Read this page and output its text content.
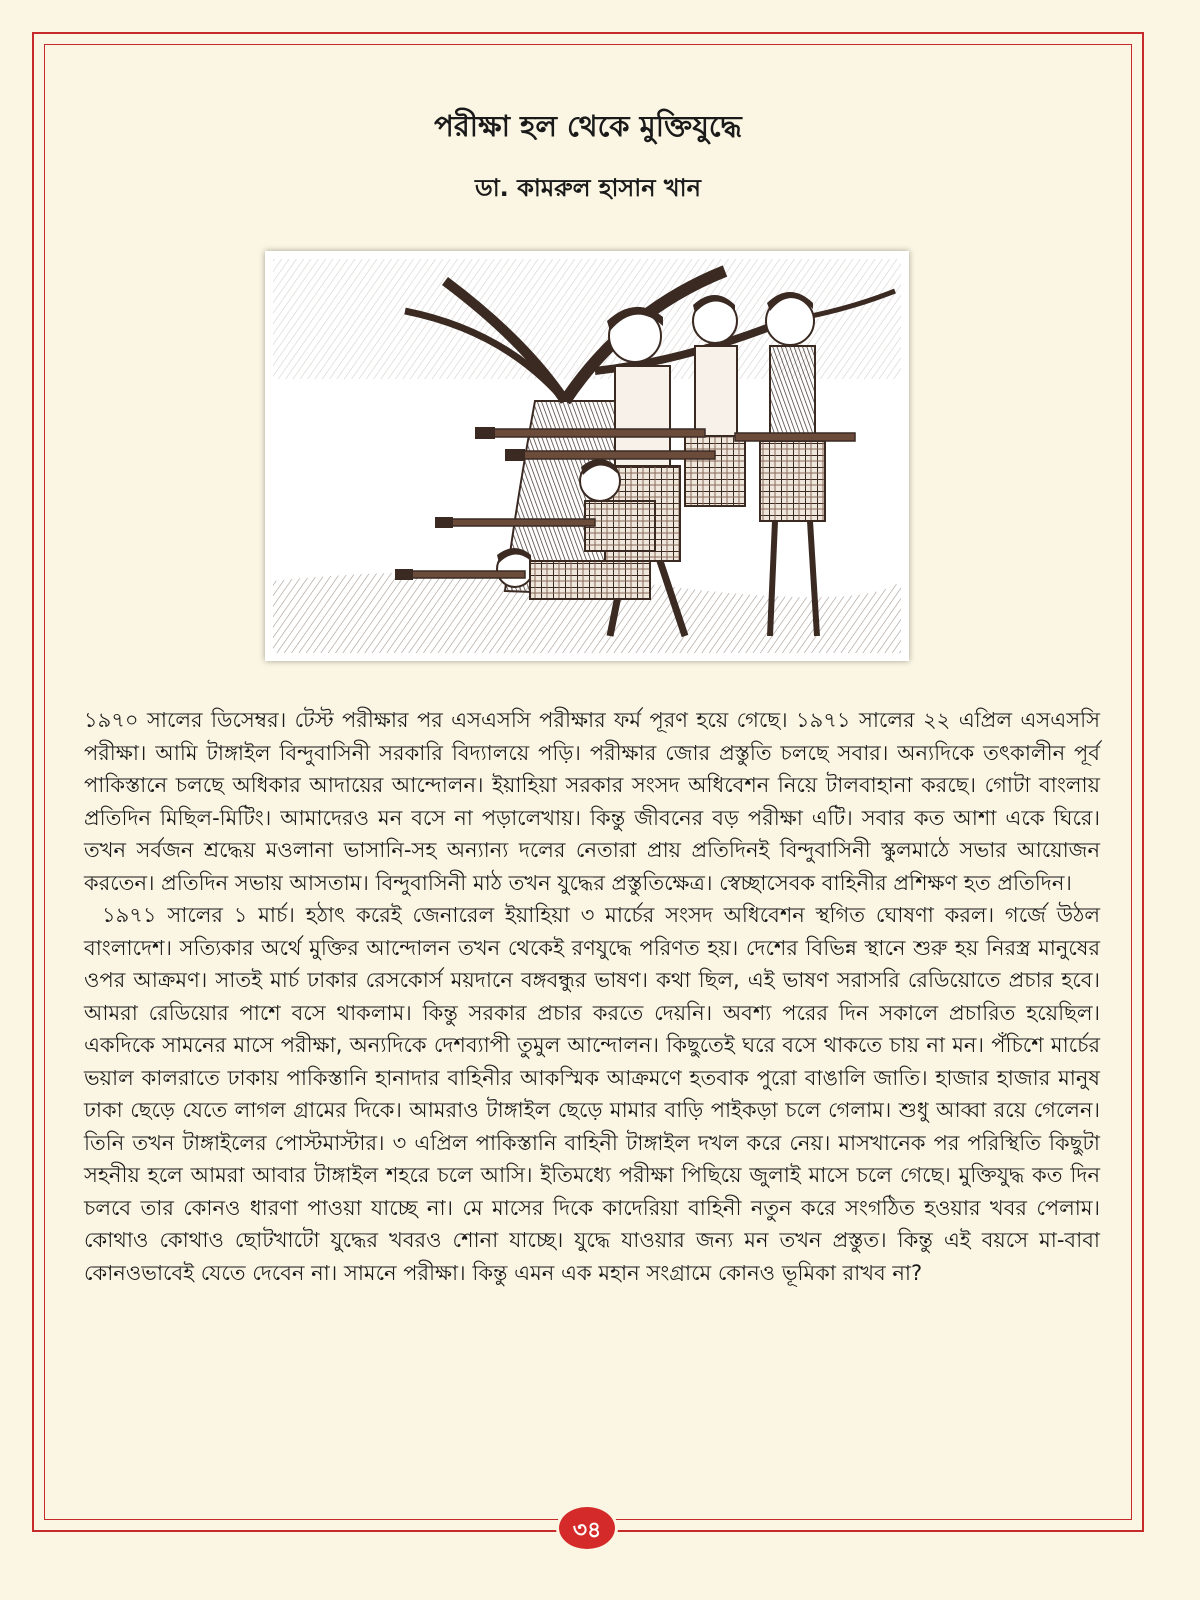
পরীক্ষা হল থেকে মুক্তিযুদ্ধে
ডা. কামরুল হাসান খান

১৯৭০ সালের ডিসেম্বর। টেস্ট পরীক্ষার পর এসএসসি পরীক্ষার ফর্ম পূরণ হয়ে গেছে। ১৯৭১ সালের ২২ এপ্রিল এসএসসি পরীক্ষা। আমি টাঙ্গাইল বিন্দুবাসিনী সরকারি বিদ্যালয়ে পড়ি। পরীক্ষার জোর প্রস্তুতি চলছে সবার। অন্যদিকে তৎকালীন পূর্ব পাকিস্তানে চলছে অধিকার আদায়ের আন্দোলন। ইয়াহিয়া সরকার সংসদ অধিবেশন নিয়ে টালবাহানা করছে। গোটা বাংলায় প্রতিদিন মিছিল-মিটিং। আমাদেরও মন বসে না পড়ালেখায়। কিন্তু জীবনের বড় পরীক্ষা এটি। সবার কত আশা একে ঘিরে। তখন সর্বজন শ্রদ্ধেয় মওলানা ভাসানি-সহ অন্যান্য দলের নেতারা প্রায় প্রতিদিনই বিন্দুবাসিনী স্কুলমাঠে সভার আয়োজন করতেন। প্রতিদিন সভায় আসতাম। বিন্দুবাসিনী মাঠ তখন যুদ্ধের প্রস্তুতিক্ষেত্র। স্বেচ্ছাসেবক বাহিনীর প্রশিক্ষণ হত প্রতিদিন।

১৯৭১ সালের ১ মার্চ। হঠাৎ করেই জেনারেল ইয়াহিয়া ৩ মার্চের সংসদ অধিবেশন স্থগিত ঘোষণা করল। গর্জে উঠল বাংলাদেশ। সত্যিকার অর্থে মুক্তির আন্দোলন তখন থেকেই রণযুদ্ধে পরিণত হয়। দেশের বিভিন্ন স্থানে শুরু হয় নিরস্ত্র মানুষের ওপর আক্রমণ। সাতই মার্চ ঢাকার রেসকোর্স ময়দানে বঙ্গবন্ধুর ভাষণ। কথা ছিল, এই ভাষণ সরাসরি রেডিয়োতে প্রচার হবে। আমরা রেডিয়োর পাশে বসে থাকলাম। কিন্তু সরকার প্রচার করতে দেয়নি। অবশ্য পরের দিন সকালে প্রচারিত হয়েছিল। একদিকে সামনের মাসে পরীক্ষা, অন্যদিকে দেশব্যাপী তুমুল আন্দোলন। কিছুতেই ঘরে বসে থাকতে চায় না মন। পঁচিশে মার্চের ভয়াল কালরাতে ঢাকায় পাকিস্তানি হানাদার বাহিনীর আকস্মিক আক্রমণে হতবাক পুরো বাঙালি জাতি। হাজার হাজার মানুষ ঢাকা ছেড়ে যেতে লাগল গ্রামের দিকে। আমরাও টাঙ্গাইল ছেড়ে মামার বাড়ি পাইকড়া চলে গেলাম। শুধু আব্বা রয়ে গেলেন। তিনি তখন টাঙ্গাইলের পোস্টমাস্টার। ৩ এপ্রিল পাকিস্তানি বাহিনী টাঙ্গাইল দখল করে নেয়। মাসখানেক পর পরিস্থিতি কিছুটা সহনীয় হলে আমরা আবার টাঙ্গাইল শহরে চলে আসি। ইতিমধ্যে পরীক্ষা পিছিয়ে জুলাই মাসে চলে গেছে। মুক্তিযুদ্ধ কত দিন চলবে তার কোনও ধারণা পাওয়া যাচ্ছে না। মে মাসের দিকে কাদেরিয়া বাহিনী নতুন করে সংগঠিত হওয়ার খবর পেলাম। কোথাও কোথাও ছোটখাটো যুদ্ধের খবরও শোনা যাচ্ছে। যুদ্ধে যাওয়ার জন্য মন তখন প্রস্তুত। কিন্তু এই বয়সে মা-বাবা কোনওভাবেই যেতে দেবেন না। সামনে পরীক্ষা। কিন্তু এমন এক মহান সংগ্রামে কোনও ভূমিকা রাখব না?

৩৪
